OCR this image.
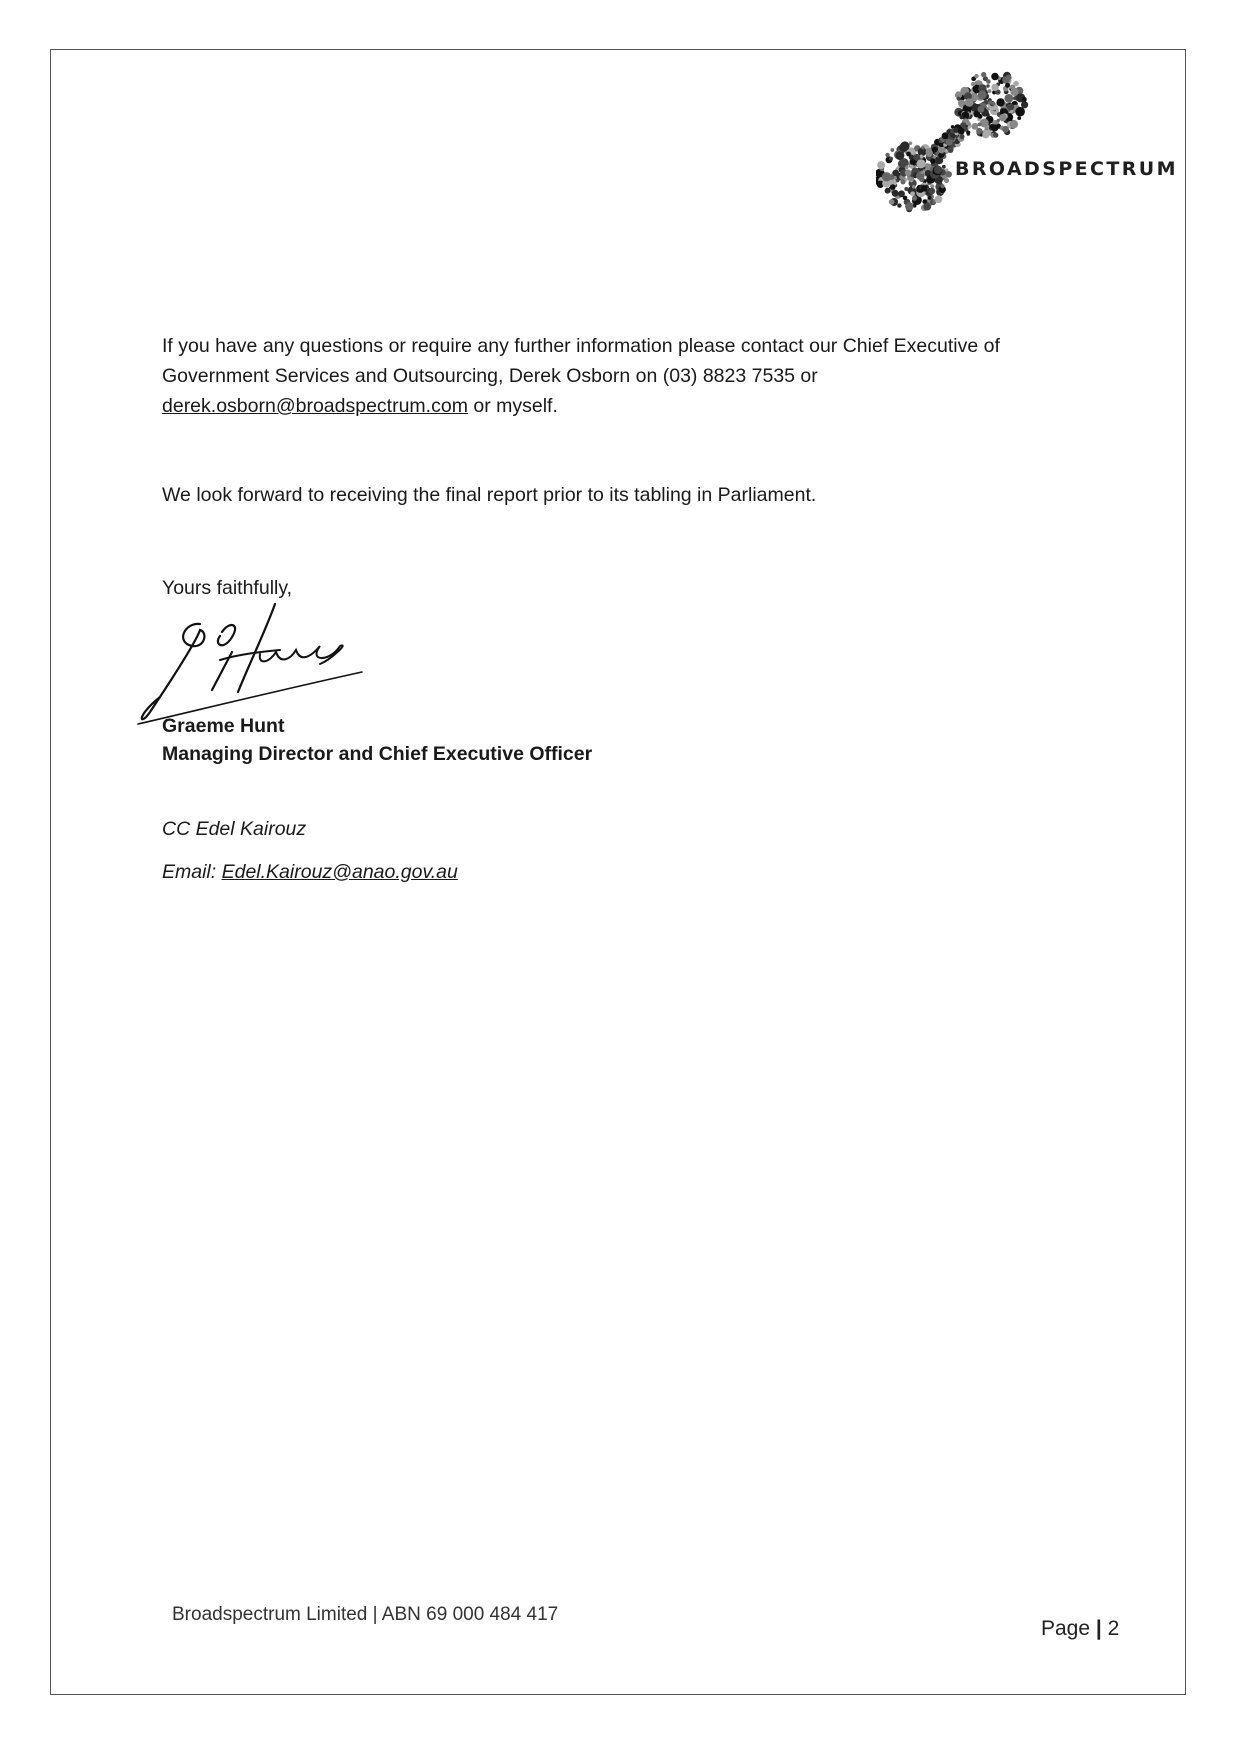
BROADSPECTRUM
If you have any questions or require any further information please contact our Chief Executive of Government Services and Outsourcing, Derek Osborn on (03) 8823 7535 or
derek.osborn@broadspectrum.com or myself.
We look forward to receiving the final report prior to its tabling in Parliament.
Yours faithfully,
Graeme Hunt
Managing Director and Chief Executive Officer
CC Edel Kairouz
Email: Edel.Kairouz@anao.gov.au
Broadspectrum Limited | ABN 69 000 484 417
Page | 2
